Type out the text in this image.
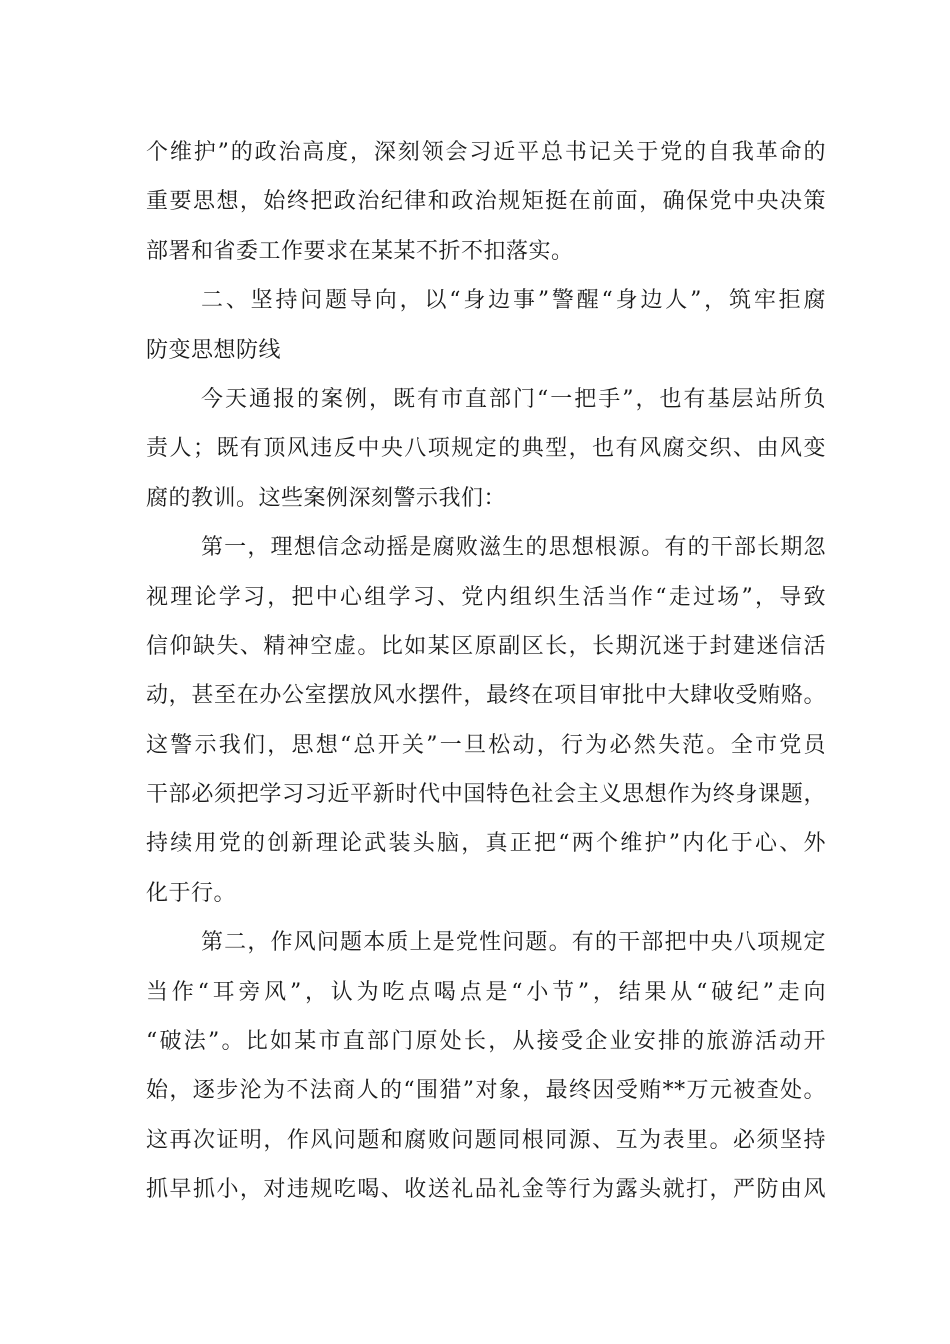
个维护”的政治高度，深刻领会习近平总书记关于党的自我革命的
重要思想，始终把政治纪律和政治规矩挺在前面，确保党中央决策
部署和省委工作要求在某某不折不扣落实。
二、坚持问题导向，以“身边事”警醒“身边人”，筑牢拒腐
防变思想防线
今天通报的案例，既有市直部门“一把手”，也有基层站所负
责人；既有顶风违反中央八项规定的典型，也有风腐交织、由风变
腐的教训。这些案例深刻警示我们：
第一，理想信念动摇是腐败滋生的思想根源。有的干部长期忽
视理论学习，把中心组学习、党内组织生活当作“走过场”，导致
信仰缺失、精神空虚。比如某区原副区长，长期沉迷于封建迷信活
动，甚至在办公室摆放风水摆件，最终在项目审批中大肆收受贿赂。
这警示我们，思想“总开关”一旦松动，行为必然失范。全市党员
干部必须把学习习近平新时代中国特色社会主义思想作为终身课题，
持续用党的创新理论武装头脑，真正把“两个维护”内化于心、外
化于行。
第二，作风问题本质上是党性问题。有的干部把中央八项规定
当作“耳旁风”，认为吃点喝点是“小节”，结果从“破纪”走向
“破法”。比如某市直部门原处长，从接受企业安排的旅游活动开
始，逐步沦为不法商人的“围猎”对象，最终因受贿**万元被查处。
这再次证明，作风问题和腐败问题同根同源、互为表里。必须坚持
抓早抓小，对违规吃喝、收送礼品礼金等行为露头就打，严防由风
